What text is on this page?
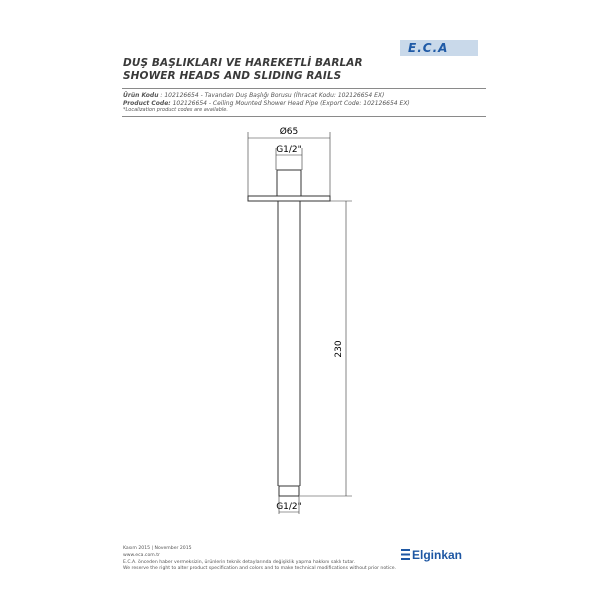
DUŞ BAŞLIKLARI VE HAREKETLİ BARLAR
SHOWER HEADS AND SLIDING RAILS
E.C.A
Ürün Kodu : 102126654 - Tavandan Duş Başlığı Borusu (İhracat Kodu: 102126654 EX)
Product Code: 102126654 - Ceiling Mounted Shower Head Pipe (Export Code: 102126654 EX)
*Localization product codes are available.
Ø65
G1/2"
G1/2"
230
Kasım 2015 | November 2015
www.eca.com.tr
E.C.A. önceden haber vermeksizin, ürünlerin teknik detaylarında değişiklik yapma hakkını saklı tutar.
We reserve the right to alter product specification and colors and to make technical modifications without prior notice.
Elginkan
